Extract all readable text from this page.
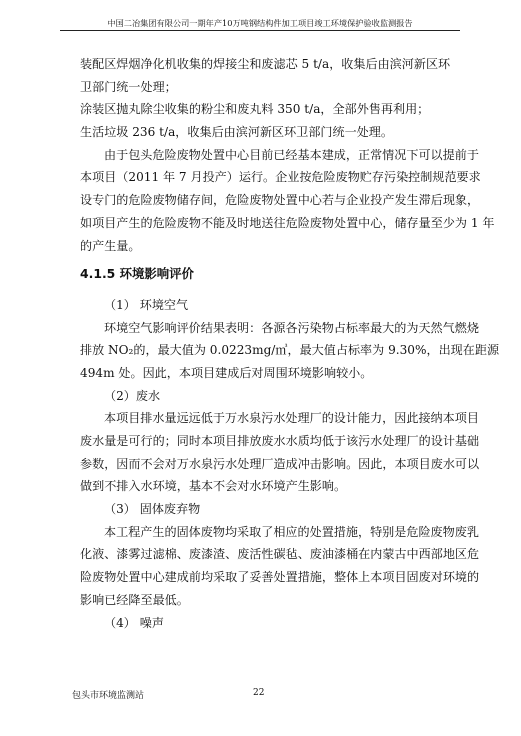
中国二冶集团有限公司一期年产10万吨钢结构件加工项目竣工环境保护验收监测报告
装配区焊烟净化机收集的焊接尘和废滤芯 5 t/a，收集后由滨河新区环
卫部门统一处理；
涂装区抛丸除尘收集的粉尘和废丸料 350 t/a，全部外售再利用；
生活垃圾 236 t/a，收集后由滨河新区环卫部门统一处理。
由于包头危险废物处置中心目前已经基本建成，正常情况下可以提前于
本项目（2011 年 7 月投产）运行。企业按危险废物贮存污染控制规范要求
设专门的危险废物储存间，危险废物处置中心若与企业投产发生滞后现象，
如项目产生的危险废物不能及时地送往危险废物处置中心，储存量至少为 1 年
的产生量。
4.1.5 环境影响评价
（1） 环境空气
环境空气影响评价结果表明：各源各污染物占标率最大的为天然气燃烧
排放 NO₂的，最大值为 0.0223mg/㎥，最大值占标率为 9.30%，出现在距源
494m 处。因此，本项目建成后对周围环境影响较小。
（2）废水
本项目排水量远远低于万水泉污水处理厂的设计能力，因此接纳本项目
废水量是可行的；同时本项目排放废水水质均低于该污水处理厂的设计基础
参数，因而不会对万水泉污水处理厂造成冲击影响。因此，本项目废水可以
做到不排入水环境，基本不会对水环境产生影响。
（3） 固体废弃物
本工程产生的固体废物均采取了相应的处置措施，特别是危险废物废乳
化液、漆雾过滤棉、废漆渣、废活性碳毡、废油漆桶在内蒙古中西部地区危
险废物处置中心建成前均采取了妥善处置措施，整体上本项目固废对环境的
影响已经降至最低。
（4） 噪声
包头市环境监测站	22
